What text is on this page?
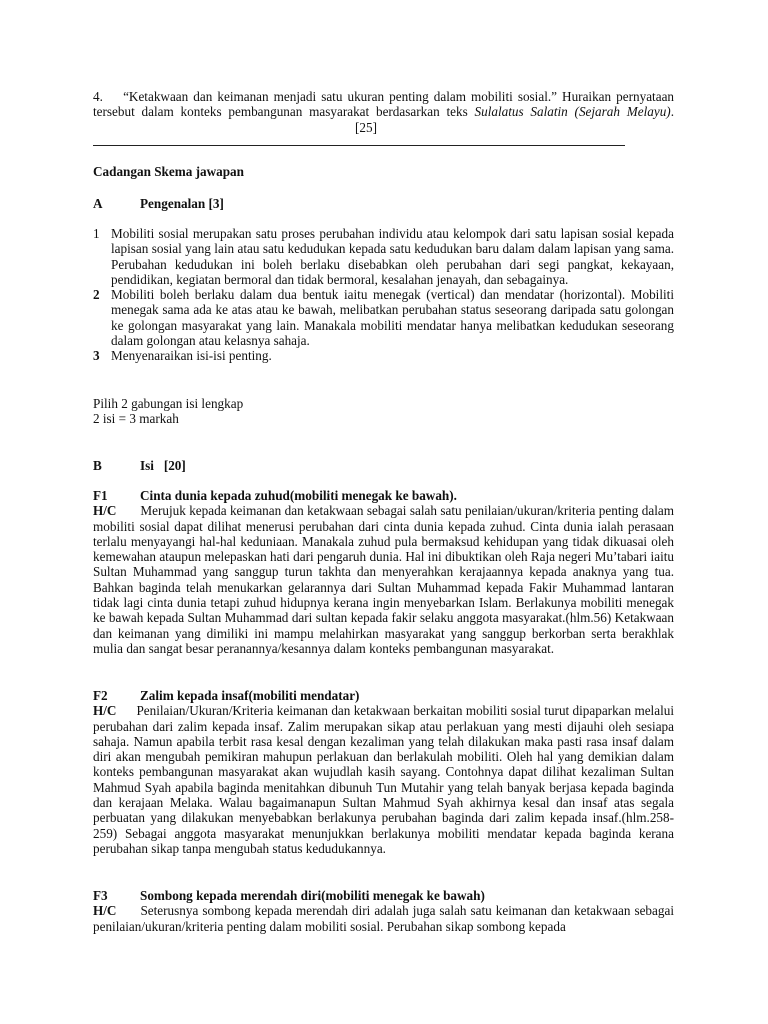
4. “Ketakwaan dan keimanan menjadi satu ukuran penting dalam mobiliti sosial.” Huraikan pernyataan tersebut dalam konteks pembangunan masyarakat berdasarkan teks Sulalatus Salatin (Sejarah Melayu).[25]

Cadangan Skema jawapan
A	Pengenalan [3]
1 Mobiliti sosial merupakan satu proses perubahan individu atau kelompok dari satu lapisan sosial kepada lapisan sosial yang lain atau satu kedudukan kepada satu kedudukan baru dalam dalam lapisan yang sama. Perubahan kedudukan ini boleh berlaku disebabkan oleh perubahan dari segi pangkat, kekayaan, pendidikan, kegiatan bermoral dan tidak bermoral, kesalahan jenayah, dan sebagainya.
2 Mobiliti boleh berlaku dalam dua bentuk iaitu menegak (vertical) dan mendatar (horizontal). Mobiliti menegak sama ada ke atas atau ke bawah, melibatkan perubahan status seseorang daripada satu golongan ke golongan masyarakat yang lain. Manakala mobiliti mendatar hanya melibatkan kedudukan seseorang dalam golongan atau kelasnya sahaja.
3 Menyenaraikan isi-isi penting.

Pilih 2 gabungan isi lengkap

2 isi = 3 markah

B	Isi   [20]
F1	Cinta dunia kepada zuhud(mobiliti menegak ke bawah).

H/C Merujuk kepada keimanan dan ketakwaan sebagai salah satu penilaian/ukuran/kriteria penting dalam mobiliti sosial dapat dilihat menerusi perubahan dari cinta dunia kepada zuhud. Cinta dunia ialah perasaan terlalu menyayangi hal-hal keduniaan. Manakala zuhud pula bermaksud kehidupan yang tidak dikuasai oleh kemewahan ataupun melepaskan hati dari pengaruh dunia. Hal ini dibuktikan oleh Raja negeri Mu’tabari iaitu Sultan Muhammad yang sanggup turun takhta dan menyerahkan kerajaannya kepada anaknya yang tua. Bahkan baginda telah menukarkan gelarannya dari Sultan Muhammad kepada Fakir Muhammad lantaran tidak lagi cinta dunia tetapi zuhud hidupnya kerana ingin menyebarkan Islam. Berlakunya mobiliti menegak ke bawah kepada Sultan Muhammad dari sultan kepada fakir selaku anggota masyarakat.(hlm.56) Ketakwaan dan keimanan yang dimiliki ini mampu melahirkan masyarakat yang sanggup berkorban serta berakhlak mulia dan sangat besar peranannya/kesannya dalam konteks pembangunan masyarakat.

F2	Zalim kepada insaf(mobiliti mendatar)

H/C Penilaian/Ukuran/Kriteria keimanan dan ketakwaan berkaitan mobiliti sosial turut dipaparkan melalui perubahan dari zalim kepada insaf. Zalim merupakan sikap atau perlakuan yang mesti dijauhi oleh sesiapa sahaja. Namun apabila terbit rasa kesal dengan kezaliman yang telah dilakukan maka pasti rasa insaf dalam diri akan mengubah pemikiran mahupun perlakuan dan berlakulah mobiliti. Oleh hal yang demikian dalam konteks pembangunan masyarakat akan wujudlah kasih sayang. Contohnya dapat dilihat kezaliman Sultan Mahmud Syah apabila baginda menitahkan dibunuh Tun Mutahir yang telah banyak berjasa kepada baginda dan kerajaan Melaka. Walau bagaimanapun Sultan Mahmud Syah akhirnya kesal dan insaf atas segala perbuatan yang dilakukan menyebabkan berlakunya perubahan baginda dari zalim kepada insaf.(hlm.258-259) Sebagai anggota masyarakat menunjukkan berlakunya mobiliti mendatar kepada baginda kerana perubahan sikap tanpa mengubah status kedudukannya.

F3	Sombong kepada merendah diri(mobiliti menegak ke bawah)

H/C Seterusnya sombong kepada merendah diri adalah juga salah satu keimanan dan ketakwaan sebagai penilaian/ukuran/kriteria penting dalam mobiliti sosial. Perubahan sikap sombong kepada
